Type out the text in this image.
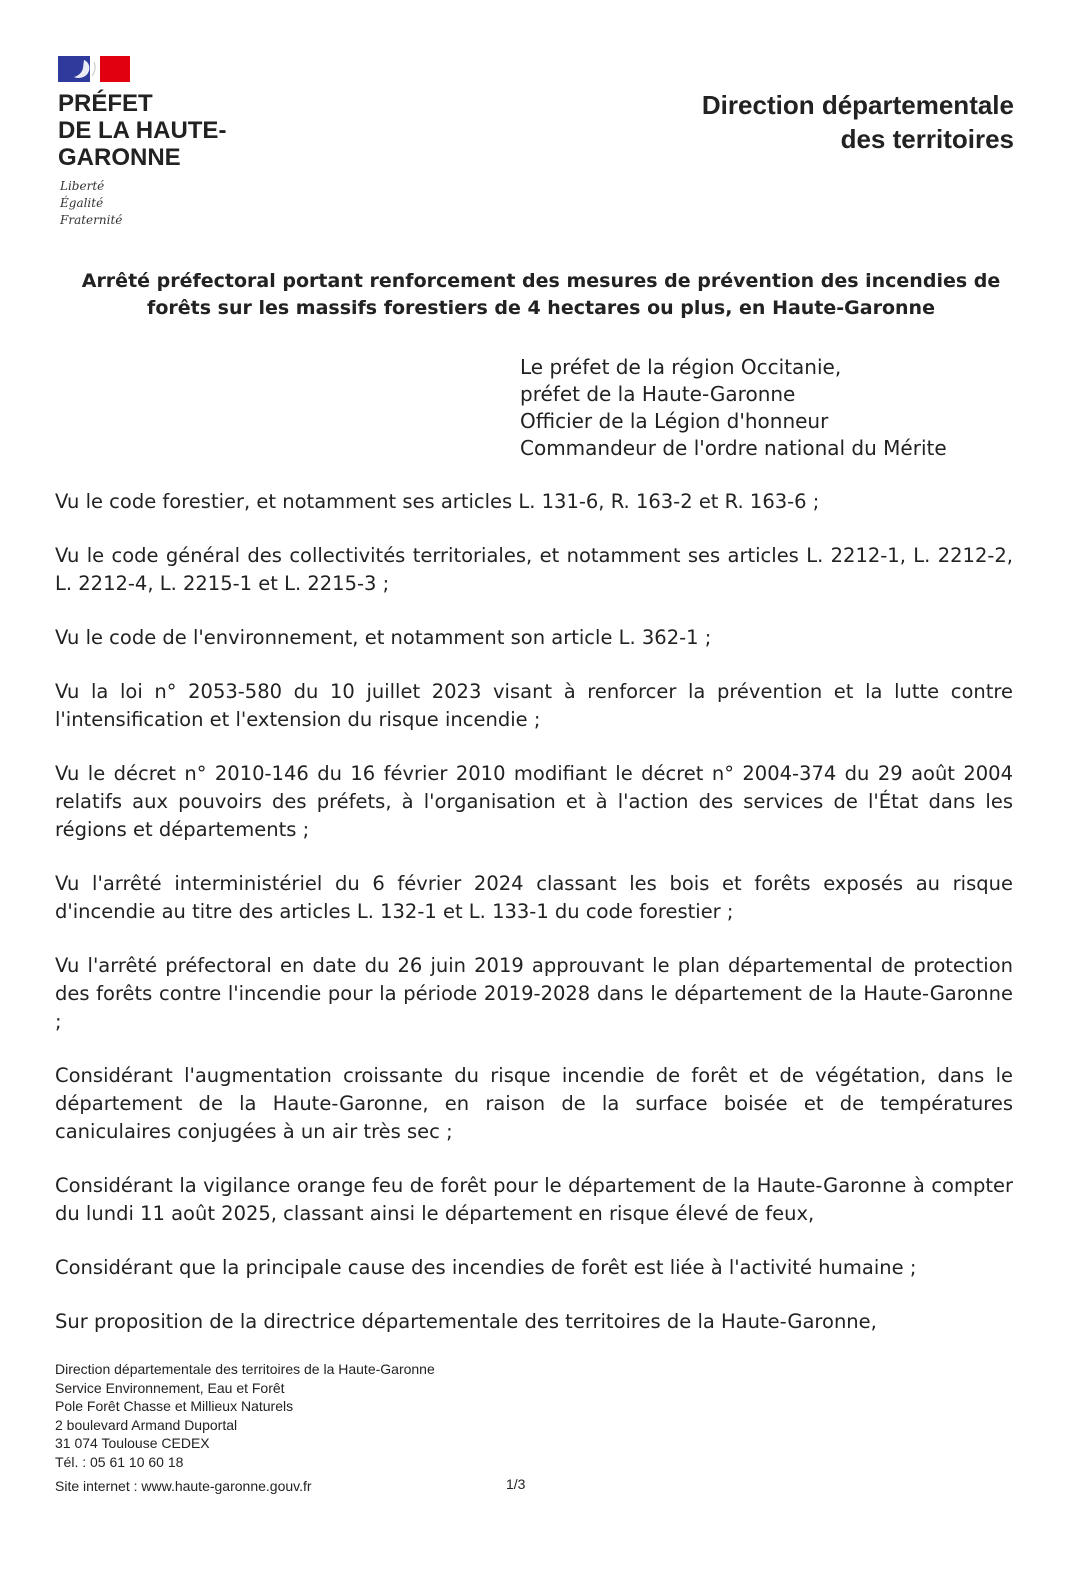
PRÉFET
DE LA HAUTE-
GARONNE
Liberté
Égalité
Fraternité
Direction départementale
des territoires
Arrêté préfectoral portant renforcement des mesures de prévention des incendies de forêts sur les massifs forestiers de 4 hectares ou plus, en Haute-Garonne
Le préfet de la région Occitanie,
préfet de la Haute-Garonne
Officier de la Légion d'honneur
Commandeur de l'ordre national du Mérite

Vu le code forestier, et notamment ses articles L. 131-6, R. 163-2 et R. 163-6 ;

Vu le code général des collectivités territoriales, et notamment ses articles L. 2212-1, L. 2212-2, L. 2212-4, L. 2215-1 et L. 2215-3 ;

Vu le code de l'environnement, et notamment son article L. 362-1 ;

Vu la loi n° 2053-580 du 10 juillet 2023 visant à renforcer la prévention et la lutte contre l'intensification et l'extension du risque incendie ;

Vu le décret n° 2010-146 du 16 février 2010 modifiant le décret n° 2004-374 du 29 août 2004 relatifs aux pouvoirs des préfets, à l'organisation et à l'action des services de l'État dans les régions et départements ;

Vu l'arrêté interministériel du 6 février 2024 classant les bois et forêts exposés au risque d'incendie au titre des articles L. 132-1 et L. 133-1 du code forestier ;

Vu l'arrêté préfectoral en date du 26 juin 2019 approuvant le plan départemental de protection des forêts contre l'incendie pour la période 2019-2028 dans le département de la Haute-Garonne ;

Considérant l'augmentation croissante du risque incendie de forêt et de végétation, dans le département de la Haute-Garonne, en raison de la surface boisée et de températures caniculaires conjugées à un air très sec ;

Considérant la vigilance orange feu de forêt pour le département de la Haute-Garonne à compter du lundi 11 août 2025, classant ainsi le département en risque élevé de feux,

Considérant que la principale cause des incendies de forêt est liée à l'activité humaine ;

Sur proposition de la directrice départementale des territoires de la Haute-Garonne,

Direction départementale des territoires de la Haute-Garonne
Service Environnement, Eau et Forêt
Pole Forêt Chasse et Millieux Naturels
2 boulevard Armand Duportal
31 074 Toulouse CEDEX
Tél. : 05 61 10 60 18
Site internet : www.haute-garonne.gouv.fr	1/3
